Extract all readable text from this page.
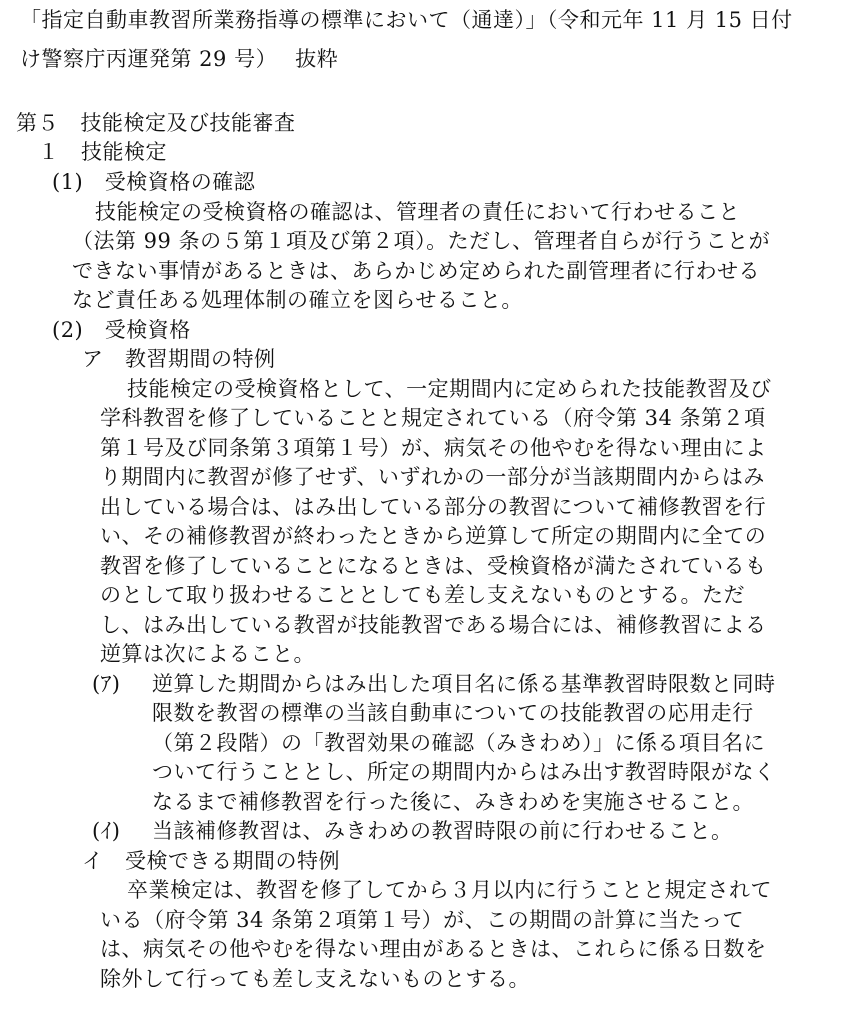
「指定自動車教習所業務指導の標準において（通達）」（令和元年 11 月 15 日付
け警察庁丙運発第 29 号）　 抜粋
第５　技能検定及び技能審査
１　技能検定
(1)　受検資格の確認
技能検定の受検資格の確認は、管理者の責任において行わせること
（法第 99 条の５第１項及び第２項）。ただし、管理者自らが行うことが
できない事情があるときは、あらかじめ定められた副管理者に行わせる
など責任ある処理体制の確立を図らせること。
(2)　受検資格
ア　教習期間の特例
技能検定の受検資格として、一定期間内に定められた技能教習及び
学科教習を修了していることと規定されている（府令第 34 条第２項
第１号及び同条第３項第１号）が、病気その他やむを得ない理由によ
り期間内に教習が修了せず、いずれかの一部分が当該期間内からはみ
出している場合は、はみ出している部分の教習について補修教習を行
い、その補修教習が終わったときから逆算して所定の期間内に全ての
教習を修了していることになるときは、受検資格が満たされているも
のとして取り扱わせることとしても差し支えないものとする。ただ
し、はみ出している教習が技能教習である場合には、補修教習による
逆算は次によること。
(ｱ) 逆算した期間からはみ出した項目名に係る基準教習時限数と同時
限数を教習の標準の当該自動車についての技能教習の応用走行
（第２段階）の「教習効果の確認（みきわめ）」に係る項目名に
ついて行うこととし、所定の期間内からはみ出す教習時限がなく
なるまで補修教習を行った後に、みきわめを実施させること。
(ｲ) 当該補修教習は、みきわめの教習時限の前に行わせること。
イ　受検できる期間の特例
卒業検定は、教習を修了してから３月以内に行うことと規定されて
いる（府令第 34 条第２項第１号）が、この期間の計算に当たって
は、病気その他やむを得ない理由があるときは、これらに係る日数を
除外して行っても差し支えないものとする。
